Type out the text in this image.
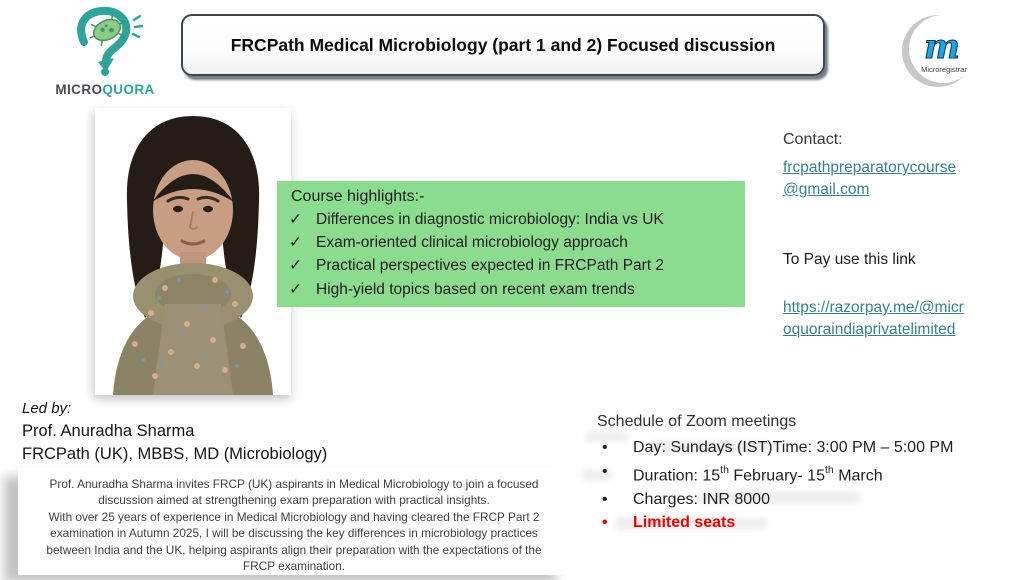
MICROQUORA
FRCPath Medical Microbiology (part 1 and 2) Focused discussion	m
Microregistrar
Course highlights:-
✓ Differences in diagnostic microbiology: India vs UK
✓ Exam-oriented clinical microbiology approach
✓ Practical perspectives expected in FRCPath Part 2
✓ High-yield topics based on recent exam trends
Contact:
frcpathpreparatorycourse
@gmail.com
To Pay use this link
https://razorpay.me/@micr
oquoraindiaprivatelimited
Led by:
Prof. Anuradha Sharma
FRCPath (UK), MBBS, MD (Microbiology)
Prof. Anuradha Sharma invites FRCP (UK) aspirants in Medical Microbiology to join a focused
discussion aimed at strengthening exam preparation with practical insights.
With over 25 years of experience in Medical Microbiology and having cleared the FRCP Part 2
examination in Autumn 2025, I will be discussing the key differences in microbiology practices
between India and the UK, helping aspirants align their preparation with the expectations of the
FRCP examination.
Schedule of Zoom meetings
•	Day: Sundays (IST)Time: 3:00 PM – 5:00 PM
•	Duration: 15th February- 15th March
•	Charges: INR 8000
•	Limited seats
